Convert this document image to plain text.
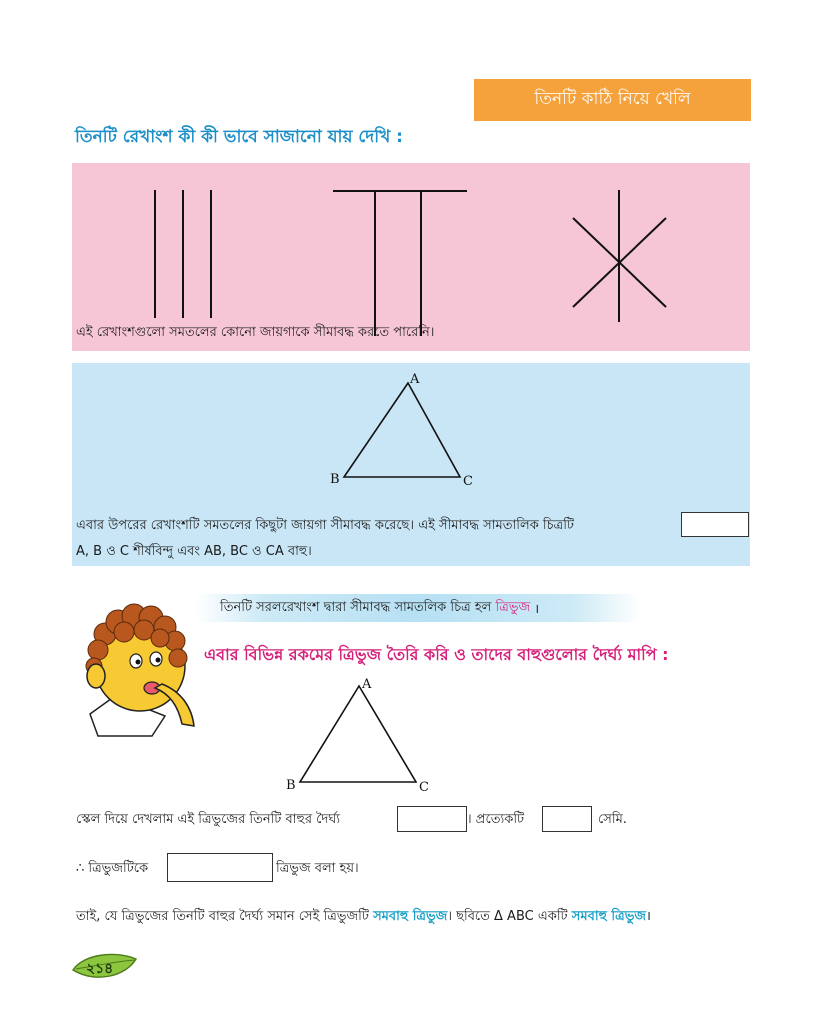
তিনটি কাঠি নিয়ে খেলি
তিনটি রেখাংশ কী কী ভাবে সাজানো যায় দেখি :
এই রেখাংশগুলো সমতলের কোনো জায়গাকে সীমাবদ্ধ করতে পারেনি।
A
B	C
এবার উপরের রেখাংশটি সমতলের কিছুটা জায়গা সীমাবদ্ধ করেছে। এই সীমাবদ্ধ সামতালিক চিত্রটি
A, B ও C শীর্ষবিন্দু এবং AB, BC ও CA বাহু।
তিনটি সরলরেখাংশ দ্বারা সীমাবদ্ধ সামতলিক চিত্র হল
ত্রিভুজ
।
এবার বিভিন্ন রকমের ত্রিভুজ তৈরি করি ও তাদের বাহুগুলোর দৈর্ঘ্য মাপি :
A
B	C
স্কেল দিয়ে দেখলাম এই ত্রিভুজের তিনটি বাহুর দৈর্ঘ্য	। প্রত্যেকটি	সেমি.
∴ ত্রিভুজটিকে	ত্রিভুজ বলা হয়।
তাই, যে ত্রিভুজের তিনটি বাহুর দৈর্ঘ্য সমান সেই ত্রিভুজটি সমবাহু ত্রিভুজ। ছবিতে Δ ABC একটি সমবাহু ত্রিভুজ।
২১৪
